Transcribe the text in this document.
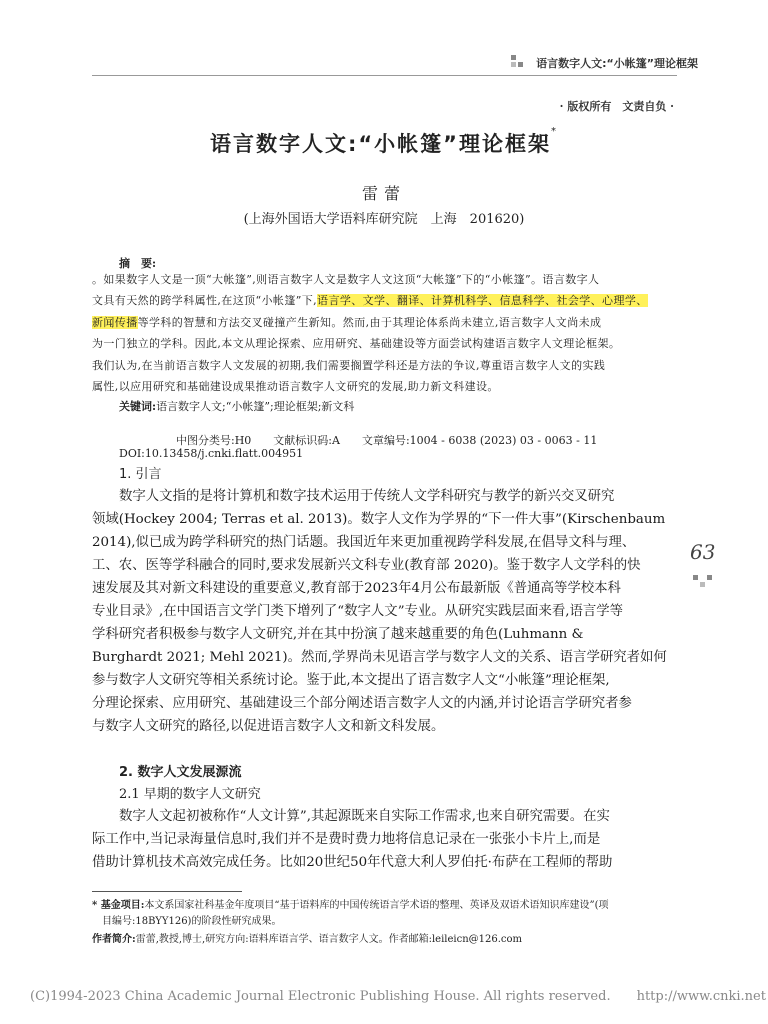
语言数字人文:“小帐篷”理论框架
· 版权所有　文责自负 ·
语言数字人文:“小帐篷”理论框架*
雷蕾
(上海外国语大学语料库研究院　上海　201620)
摘　要:
。如果数字人文是一顶“大帐篷”,则语言数字人文是数字人文这顶“大帐篷”下的“小帐篷”。语言数字人
文具有天然的跨学科属性,在这顶“小帐篷”下,语言学、文学、翻译、计算机科学、信息科学、社会学、心理学、
新闻传播等学科的智慧和方法交叉碰撞产生新知。然而,由于其理论体系尚未建立,语言数字人文尚未成
为一门独立的学科。因此,本文从理论探索、应用研究、基础建设等方面尝试构建语言数字人文理论框架。
我们认为,在当前语言数字人文发展的初期,我们需要搁置学科还是方法的争议,尊重语言数字人文的实践
属性,以应用研究和基础建设成果推动语言数字人文研究的发展,助力新文科建设。
关键词:语言数字人文;“小帐篷”;理论框架;新文科
中图分类号:H0　　文献标识码:A　　文章编号:1004 - 6038 (2023) 03 - 0063 - 11
DOI:10.13458/j.cnki.flatt.004951
1. 引言
数字人文指的是将计算机和数字技术运用于传统人文学科研究与教学的新兴交叉研究
领域(Hockey 2004; Terras et al. 2013)。数字人文作为学界的“下一件大事”(Kirschenbaum
2014),似已成为跨学科研究的热门话题。我国近年来更加重视跨学科发展,在倡导文科与理、
工、农、医等学科融合的同时,要求发展新兴文科专业(教育部 2020)。鉴于数字人文学科的快
速发展及其对新文科建设的重要意义,教育部于2023年4月公布最新版《普通高等学校本科
专业目录》,在中国语言文学门类下增列了“数字人文”专业。从研究实践层面来看,语言学等
学科研究者积极参与数字人文研究,并在其中扮演了越来越重要的角色(Luhmann &
Burghardt 2021; Mehl 2021)。然而,学界尚未见语言学与数字人文的关系、语言学研究者如何
参与数字人文研究等相关系统讨论。鉴于此,本文提出了语言数字人文“小帐篷”理论框架,
分理论探索、应用研究、基础建设三个部分阐述语言数字人文的内涵,并讨论语言学研究者参
与数字人文研究的路径,以促进语言数字人文和新文科发展。
2. 数字人文发展源流
2.1 早期的数字人文研究
数字人文起初被称作“人文计算”,其起源既来自实际工作需求,也来自研究需要。在实
际工作中,当记录海量信息时,我们并不是费时费力地将信息记录在一张张小卡片上,而是
借助计算机技术高效完成任务。比如20世纪50年代意大利人罗伯托·布萨在工程师的帮助
63
* 基金项目:本文系国家社科基金年度项目“基于语料库的中国传统语言学术语的整理、英译及双语术语知识库建设”(项
目编号:18BYY126)的阶段性研究成果。
作者简介:雷蕾,教授,博士,研究方向:语料库语言学、语言数字人文。作者邮箱:leileicn@126.com
(C)1994-2023 China Academic Journal Electronic Publishing House. All rights reserved.　　http://www.cnki.net
